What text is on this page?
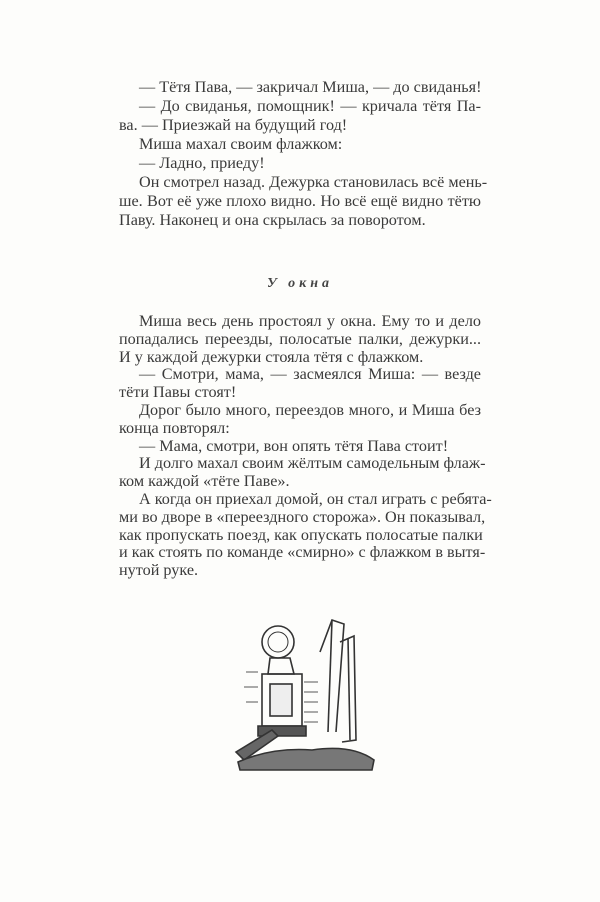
— Тётя Пава, — закричал Миша, — до свиданья!
— До свиданья, помощник! — кричала тётя Па-
ва. — Приезжай на будущий год!
Миша махал своим флажком:
— Ладно, приеду!
Он смотрел назад. Дежурка становилась всё мень-
ше. Вот её уже плохо видно. Но всё ещё видно тётю
Паву. Наконец и она скрылась за поворотом.
У окна
Миша весь день простоял у окна. Ему то и дело
попадались переезды, полосатые палки, дежурки...
И у каждой дежурки стояла тётя с флажком.
— Смотри, мама, — засмеялся Миша: — везде
тёти Павы стоят!
Дорог было много, переездов много, и Миша без
конца повторял:
— Мама, смотри, вон опять тётя Пава стоит!
И долго махал своим жёлтым самодельным флаж-
ком каждой «тёте Паве».
А когда он приехал домой, он стал играть с ребята-
ми во дворе в «переездного сторожа». Он показывал,
как пропускать поезд, как опускать полосатые палки
и как стоять по команде «смирно» с флажком в вытя-
нутой руке.
